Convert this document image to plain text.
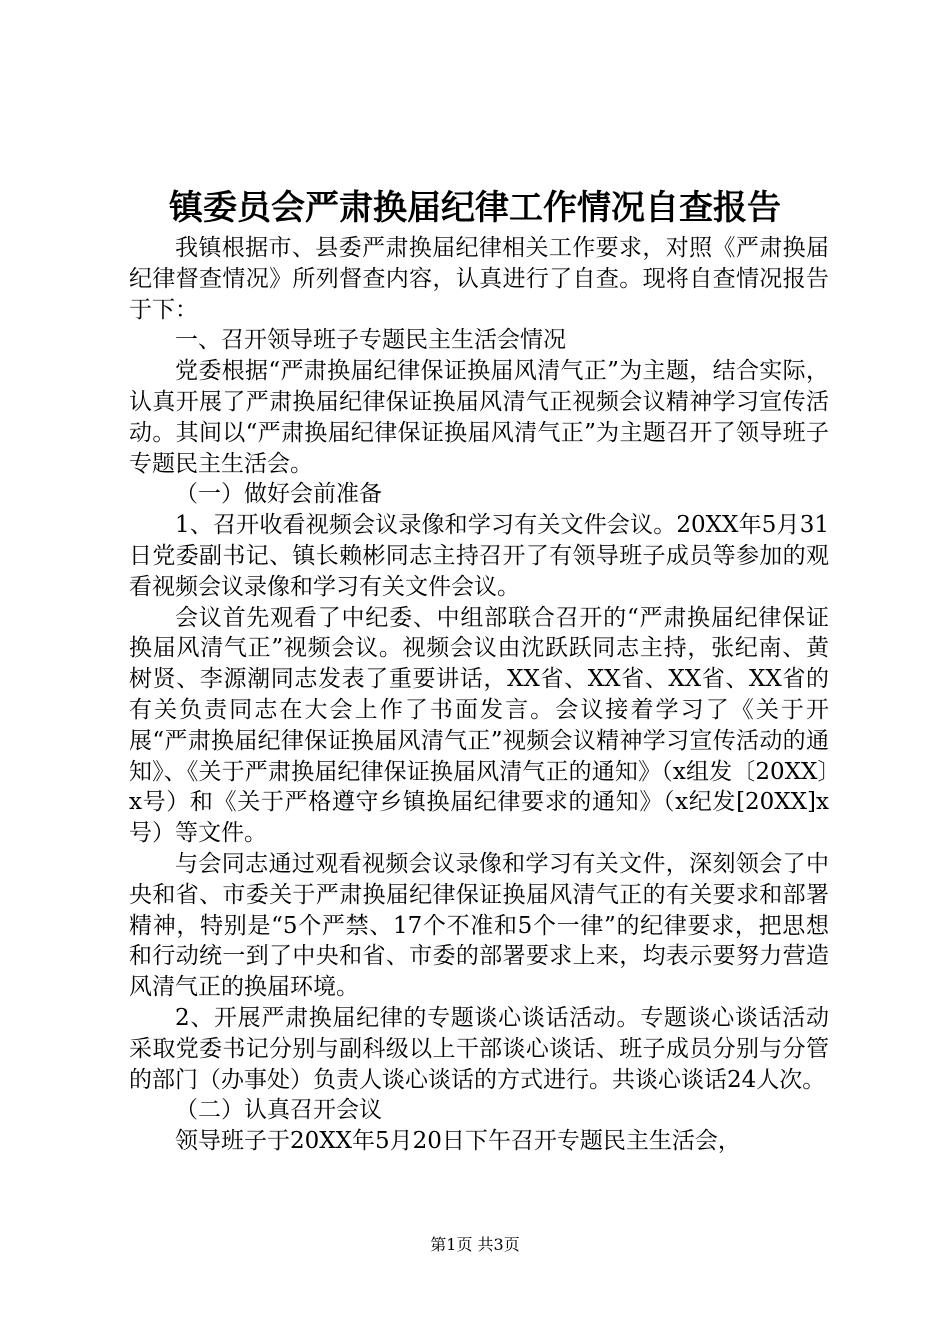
镇委员会严肃换届纪律工作情况自查报告

我镇根据市、县委严肃换届纪律相关工作要求，对照《严肃换届纪律督查情况》所列督查内容，认真进行了自查。现将自查情况报告于下：

一、召开领导班子专题民主生活会情况

党委根据“严肃换届纪律保证换届风清气正”为主题，结合实际，认真开展了严肃换届纪律保证换届风清气正视频会议精神学习宣传活动。其间以“严肃换届纪律保证换届风清气正”为主题召开了领导班子专题民主生活会。

（一）做好会前准备

1、召开收看视频会议录像和学习有关文件会议。20XX年5月31日党委副书记、镇长赖彬同志主持召开了有领导班子成员等参加的观看视频会议录像和学习有关文件会议。

会议首先观看了中纪委、中组部联合召开的“严肃换届纪律保证换届风清气正”视频会议。视频会议由沈跃跃同志主持，张纪南、黄树贤、李源潮同志发表了重要讲话，XX省、XX省、XX省、XX省的有关负责同志在大会上作了书面发言。会议接着学习了《关于开展“严肃换届纪律保证换届风清气正”视频会议精神学习宣传活动的通知》、《关于严肃换届纪律保证换届风清气正的通知》（x组发〔20XX〕x号）和《关于严格遵守乡镇换届纪律要求的通知》（x纪发[20XX]x号）等文件。

与会同志通过观看视频会议录像和学习有关文件，深刻领会了中央和省、市委关于严肃换届纪律保证换届风清气正的有关要求和部署精神，特别是“5个严禁、17个不准和5个一律”的纪律要求，把思想和行动统一到了中央和省、市委的部署要求上来，均表示要努力营造风清气正的换届环境。

2、开展严肃换届纪律的专题谈心谈话活动。专题谈心谈话活动采取党委书记分别与副科级以上干部谈心谈话、班子成员分别与分管的部门（办事处）负责人谈心谈话的方式进行。共谈心谈话24人次。

（二）认真召开会议

领导班子于20XX年5月20日下午召开专题民主生活会，

第1页 共3页
